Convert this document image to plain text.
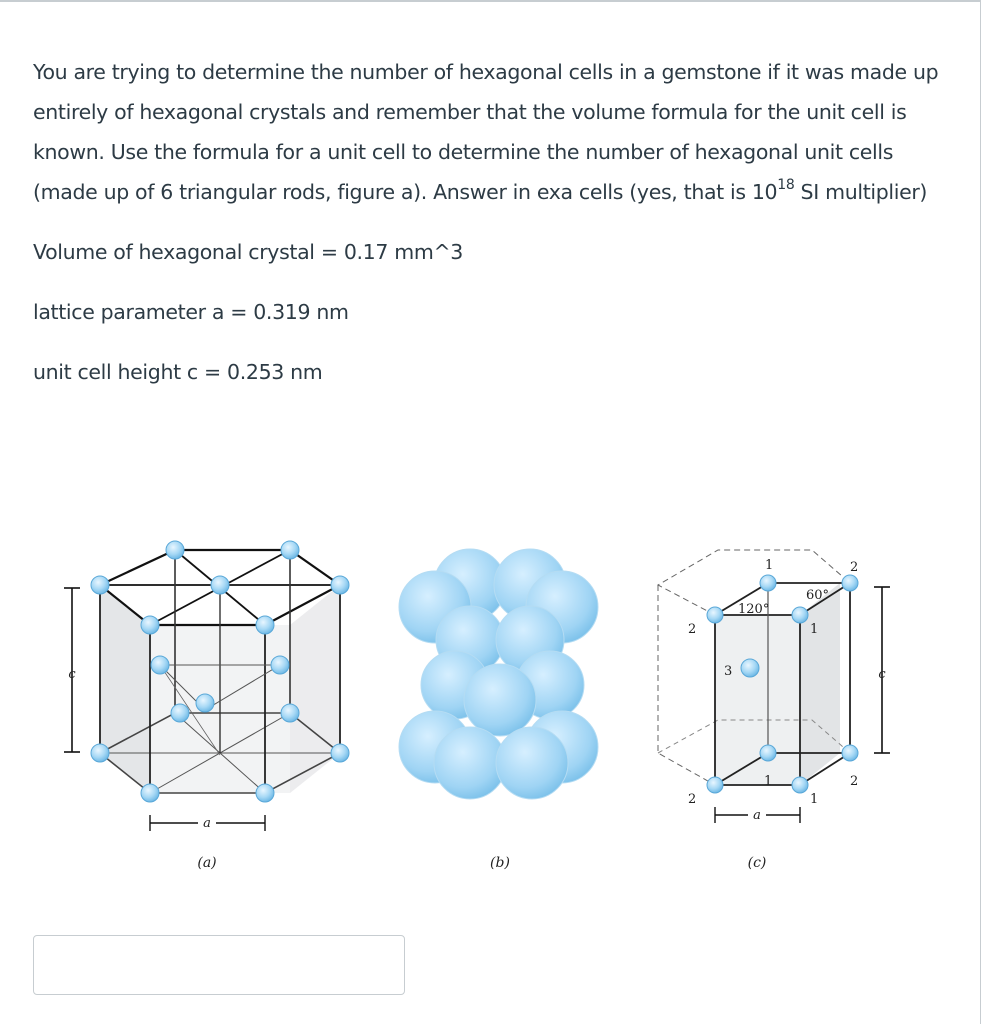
You are trying to determine the number of hexagonal cells in a gemstone if it was made up entirely of hexagonal crystals and remember that the volume formula for the unit cell is known. Use the formula for a unit cell to determine the number of hexagonal unit cells (made up of 6 triangular rods, figure a). Answer in exa cells (yes, that is $10^{18}$ SI multiplier)

Volume of hexagonal crystal = 0.17 mm^3

lattice parameter a = 0.319 nm

unit cell height c = 0.253 nm

c
a
(a)	(b)
120°
60°
1	2
2	1
3
1	2
2	1
c
a
(c)
